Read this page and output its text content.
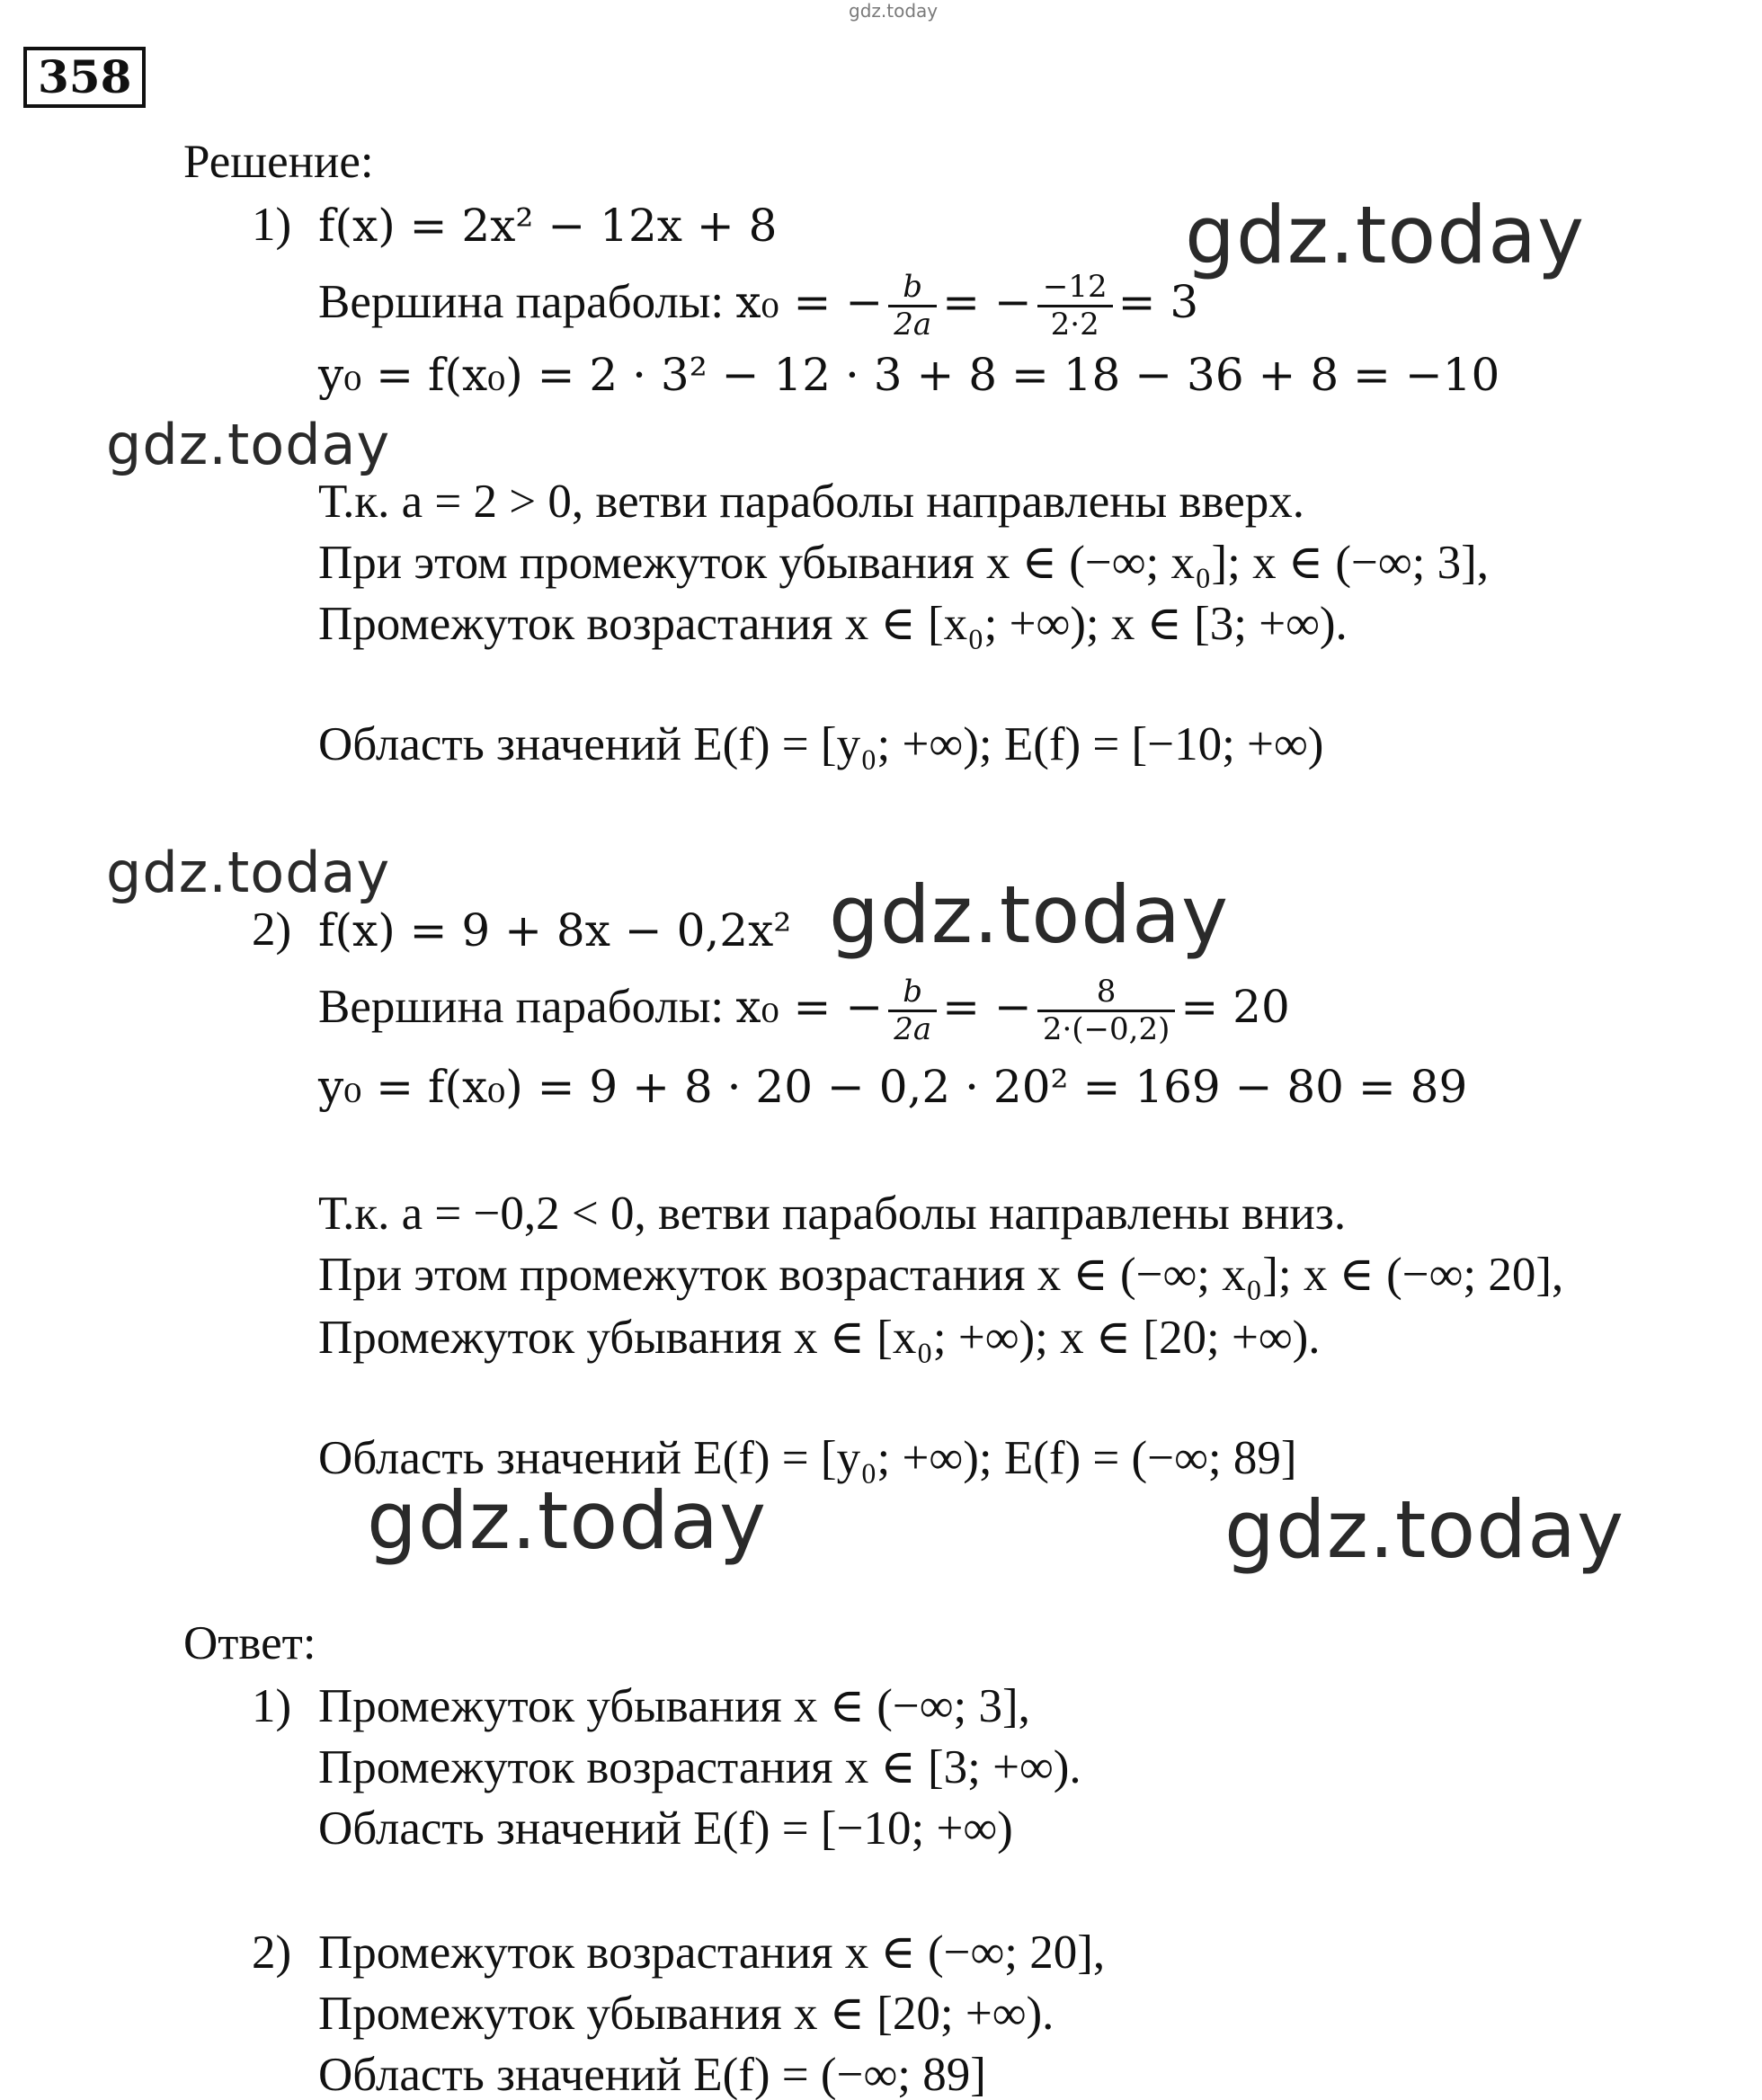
gdz.today
358
Решение:
1) f(x) = 2x² − 12x + 8
Вершина параболы: x₀ = − $\frac{b}{2a}$ = − $\frac{-12}{2\cdot 2} = 3$
y₀ = f(x₀) = 2 · 3² − 12 · 3 + 8 = 18 − 36 + 8 = −10
Т.к. a = 2 > 0, ветви параболы направлены вверх.
При этом промежуток убывания x ∈ (−∞; x₀]; x ∈ (−∞; 3],
Промежуток возрастания x ∈ [x₀; +∞); x ∈ [3; +∞).
Область значений E(f) = [y₀; +∞); E(f) = [−10; +∞)
2) f(x) = 9 + 8x − 0,2x²
Вершина параболы: x₀ = − $\frac{b}{2a}$ = − $\frac{8}{2\cdot(-0,2)} = 20$
y₀ = f(x₀) = 9 + 8 · 20 − 0,2 · 20² = 169 − 80 = 89
Т.к. a = −0,2 < 0, ветви параболы направлены вниз.
При этом промежуток возрастания x ∈ (−∞; x₀]; x ∈ (−∞; 20],
Промежуток убывания x ∈ [x₀; +∞); x ∈ [20; +∞).
Область значений E(f) = [y₀; +∞); E(f) = (−∞; 89]
Ответ:
1) Промежуток убывания x ∈ (−∞; 3],
Промежуток возрастания x ∈ [3; +∞).
Область значений E(f) = [−10; +∞)
2) Промежуток возрастания x ∈ (−∞; 20],
Промежуток убывания x ∈ [20; +∞).
Область значений E(f) = (−∞; 89]
gdz.today
gdz.today
gdz.today	gdz.today
gdz.today	gdz.today
